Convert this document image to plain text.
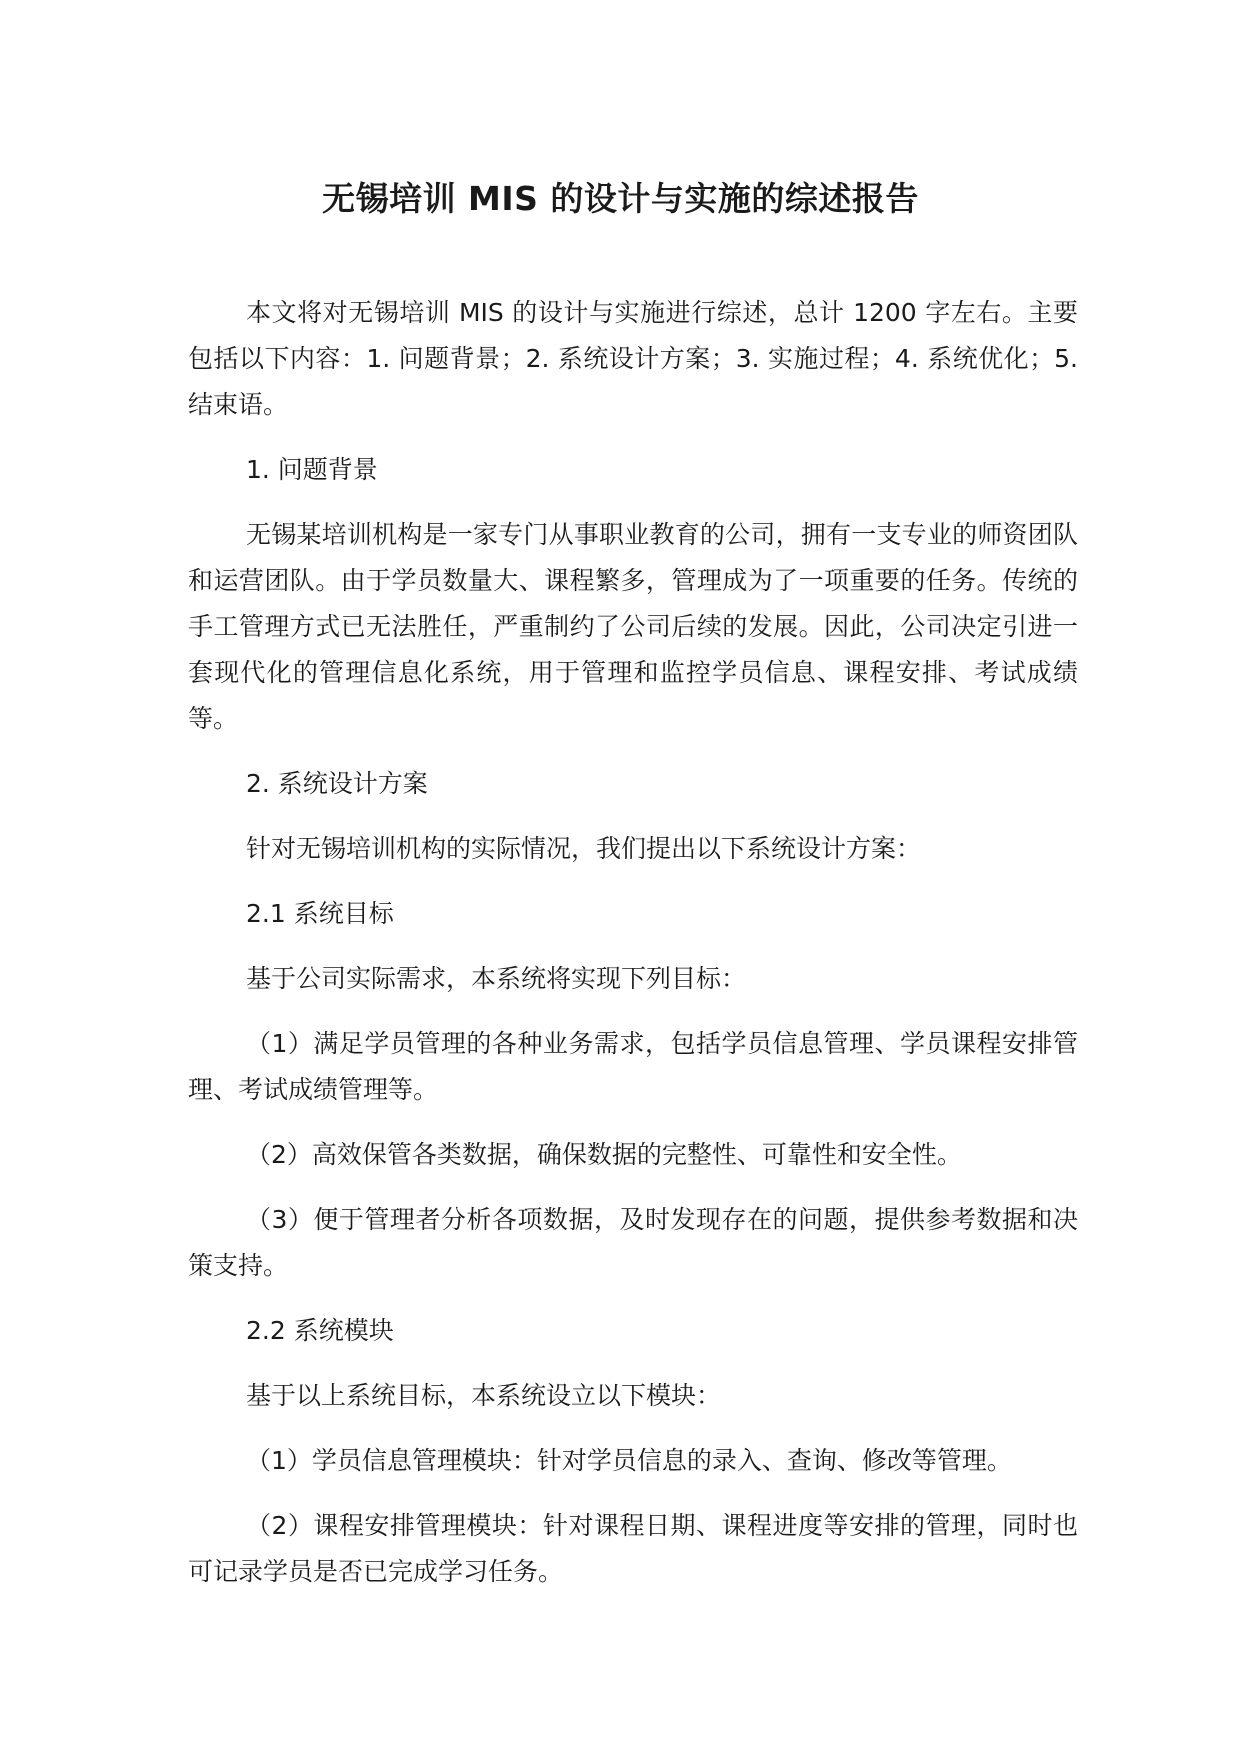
无锡培训 MIS 的设计与实施的综述报告

本文将对无锡培训 MIS 的设计与实施进行综述，总计 1200 字左右。主要包括以下内容：1. 问题背景；2. 系统设计方案；3. 实施过程；4. 系统优化；5. 结束语。

1. 问题背景

无锡某培训机构是一家专门从事职业教育的公司，拥有一支专业的师资团队和运营团队。由于学员数量大、课程繁多，管理成为了一项重要的任务。传统的手工管理方式已无法胜任，严重制约了公司后续的发展。因此，公司决定引进一套现代化的管理信息化系统，用于管理和监控学员信息、课程安排、考试成绩等。

2. 系统设计方案

针对无锡培训机构的实际情况，我们提出以下系统设计方案：

2.1 系统目标

基于公司实际需求，本系统将实现下列目标：

（1）满足学员管理的各种业务需求，包括学员信息管理、学员课程安排管理、考试成绩管理等。

（2）高效保管各类数据，确保数据的完整性、可靠性和安全性。

（3）便于管理者分析各项数据，及时发现存在的问题，提供参考数据和决策支持。

2.2 系统模块

基于以上系统目标，本系统设立以下模块：

（1）学员信息管理模块：针对学员信息的录入、查询、修改等管理。

（2）课程安排管理模块：针对课程日期、课程进度等安排的管理，同时也可记录学员是否已完成学习任务。
